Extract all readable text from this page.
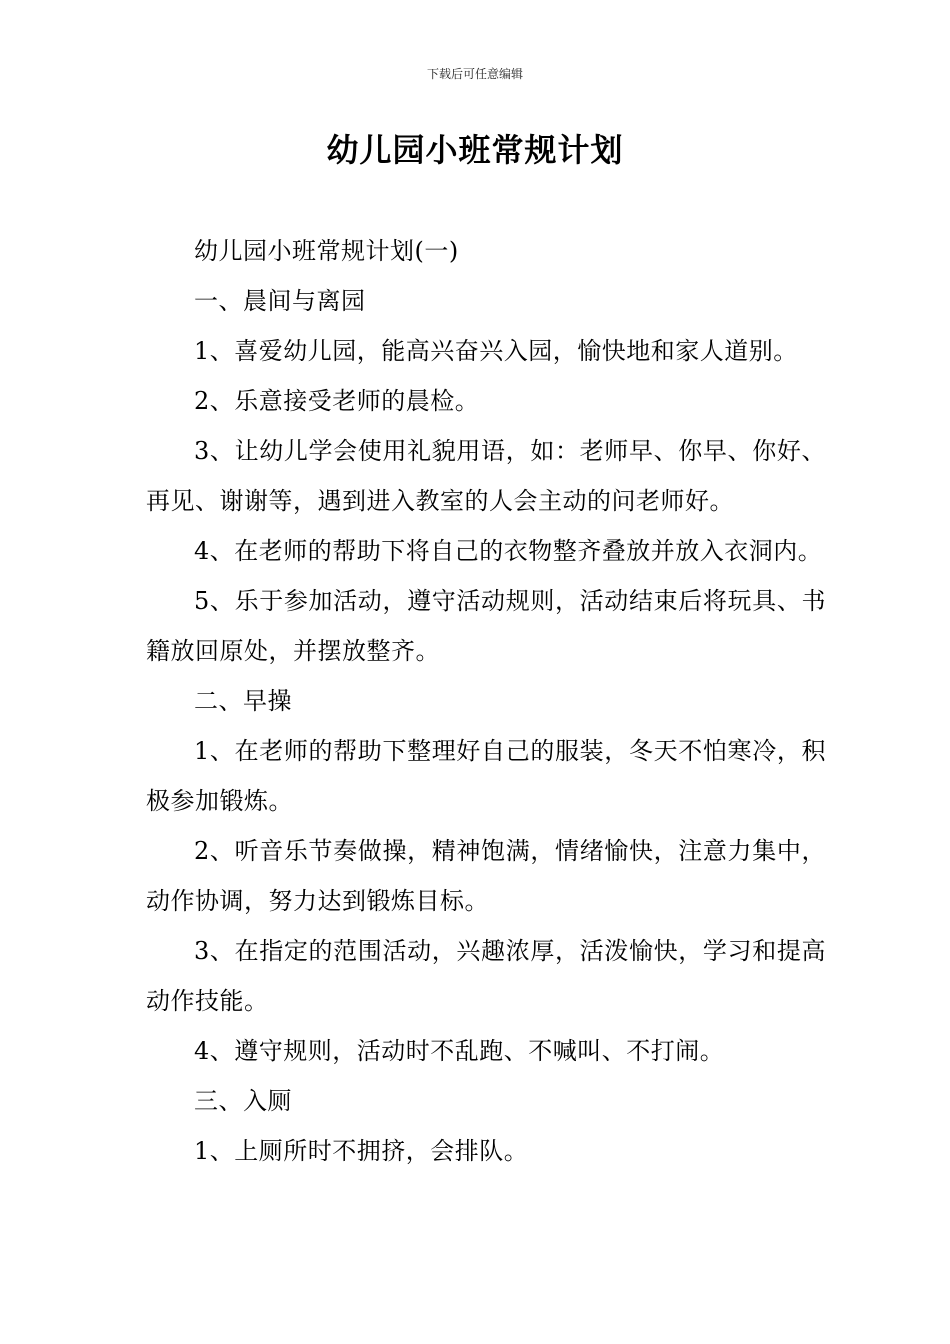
下载后可任意编辑
幼儿园小班常规计划

幼儿园小班常规计划(一)

一、晨间与离园

1、喜爱幼儿园，能高兴奋兴入园，愉快地和家人道别。

2、乐意接受老师的晨检。

3、让幼儿学会使用礼貌用语，如：老师早、你早、你好、再见、谢谢等，遇到进入教室的人会主动的问老师好。

4、在老师的帮助下将自己的衣物整齐叠放并放入衣洞内。

5、乐于参加活动，遵守活动规则，活动结束后将玩具、书籍放回原处，并摆放整齐。

二、早操

1、在老师的帮助下整理好自己的服装，冬天不怕寒冷，积极参加锻炼。

2、听音乐节奏做操，精神饱满，情绪愉快，注意力集中，动作协调，努力达到锻炼目标。

3、在指定的范围活动，兴趣浓厚，活泼愉快，学习和提高动作技能。

4、遵守规则，活动时不乱跑、不喊叫、不打闹。

三、入厕

1、上厕所时不拥挤，会排队。
